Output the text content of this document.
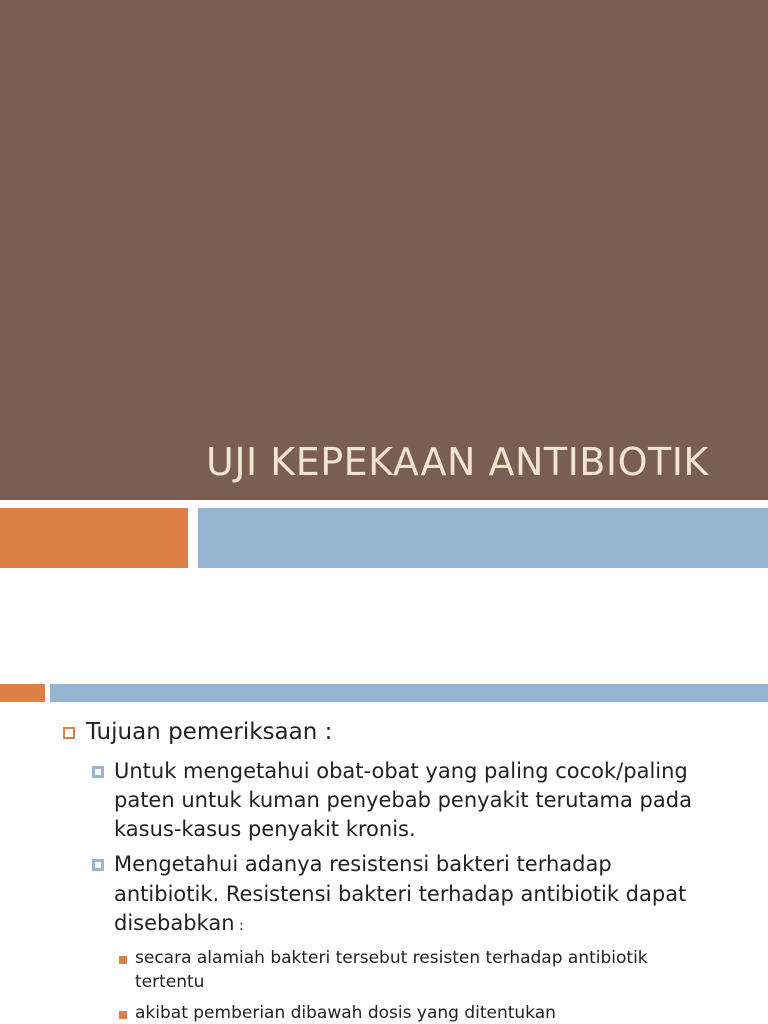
UJI KEPEKAAN ANTIBIOTIK
Tujuan pemeriksaan :
Untuk mengetahui obat-obat yang paling cocok/paling
paten untuk kuman penyebab penyakit terutama pada
kasus-kasus penyakit kronis.
Mengetahui adanya resistensi bakteri terhadap
antibiotik. Resistensi bakteri terhadap antibiotik dapat
disebabkan :
secara alamiah bakteri tersebut resisten terhadap antibiotik
tertentu
akibat pemberian dibawah dosis yang ditentukan
